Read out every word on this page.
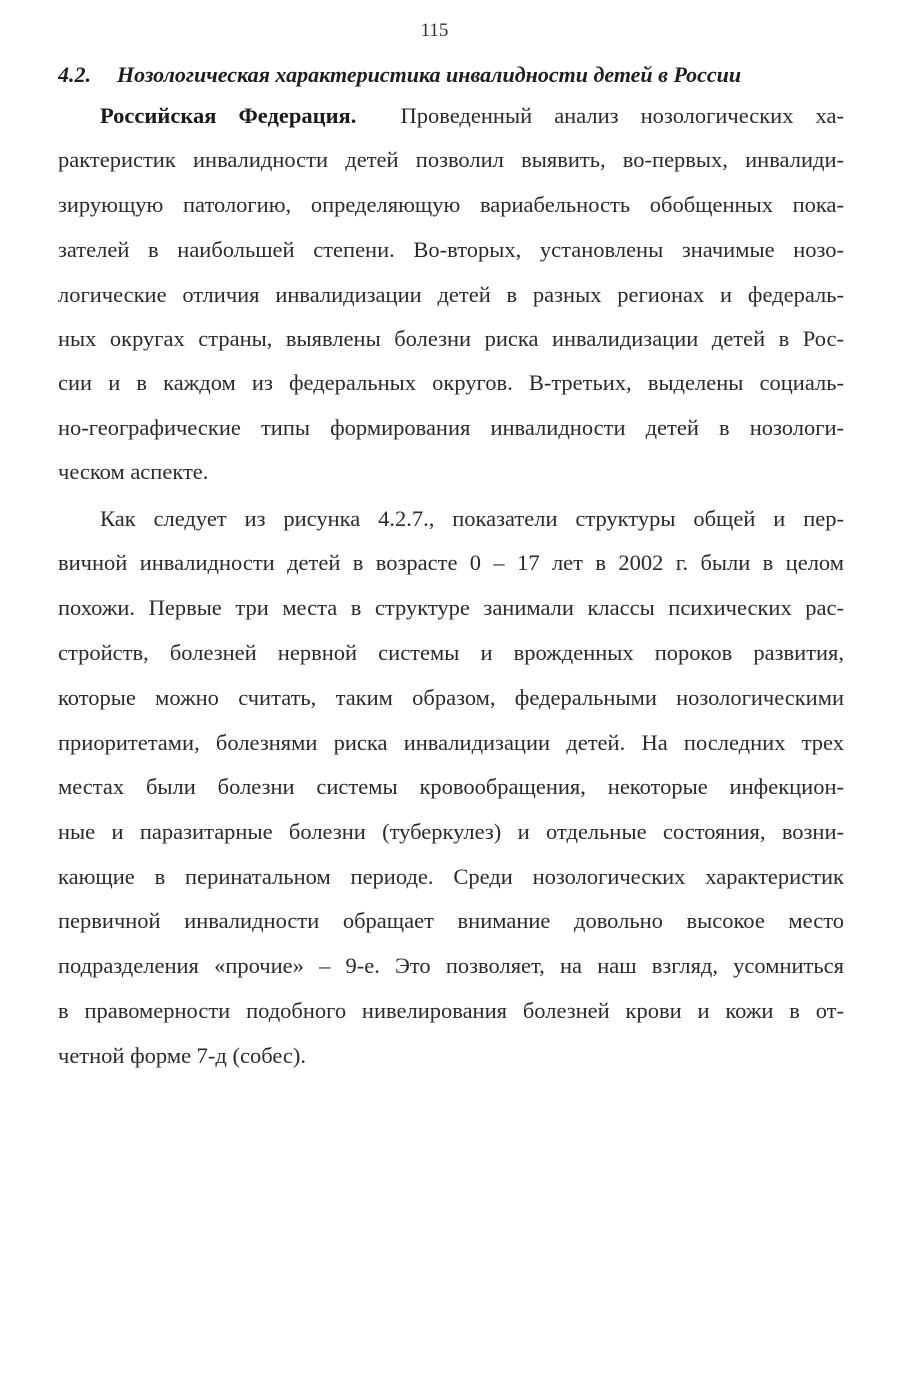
115
4.2. Нозологическая характеристика инвалидности детей в России
Российская Федерация. Проведенный анализ нозологических ха-
рактеристик инвалидности детей позволил выявить, во-первых, инвалиди-
зирующую патологию, определяющую вариабельность обобщенных пока-
зателей в наибольшей степени. Во-вторых, установлены значимые нозо-
логические отличия инвалидизации детей в разных регионах и федераль-
ных округах страны, выявлены болезни риска инвалидизации детей в Рос-
сии и в каждом из федеральных округов. В-третьих, выделены социаль-
но-географические типы формирования инвалидности детей в нозологи-
ческом аспекте.
Как следует из рисунка 4.2.7., показатели структуры общей и пер-
вичной инвалидности детей в возрасте 0 – 17 лет в 2002 г. были в целом
похожи. Первые три места в структуре занимали классы психических рас-
стройств, болезней нервной системы и врожденных пороков развития,
которые можно считать, таким образом, федеральными нозологическими
приоритетами, болезнями риска инвалидизации детей. На последних трех
местах были болезни системы кровообращения, некоторые инфекцион-
ные и паразитарные болезни (туберкулез) и отдельные состояния, возни-
кающие в перинатальном периоде. Среди нозологических характеристик
первичной инвалидности обращает внимание довольно высокое место
подразделения «прочие» – 9-е. Это позволяет, на наш взгляд, усомниться
в правомерности подобного нивелирования болезней крови и кожи в от-
четной форме 7-д (собес).
